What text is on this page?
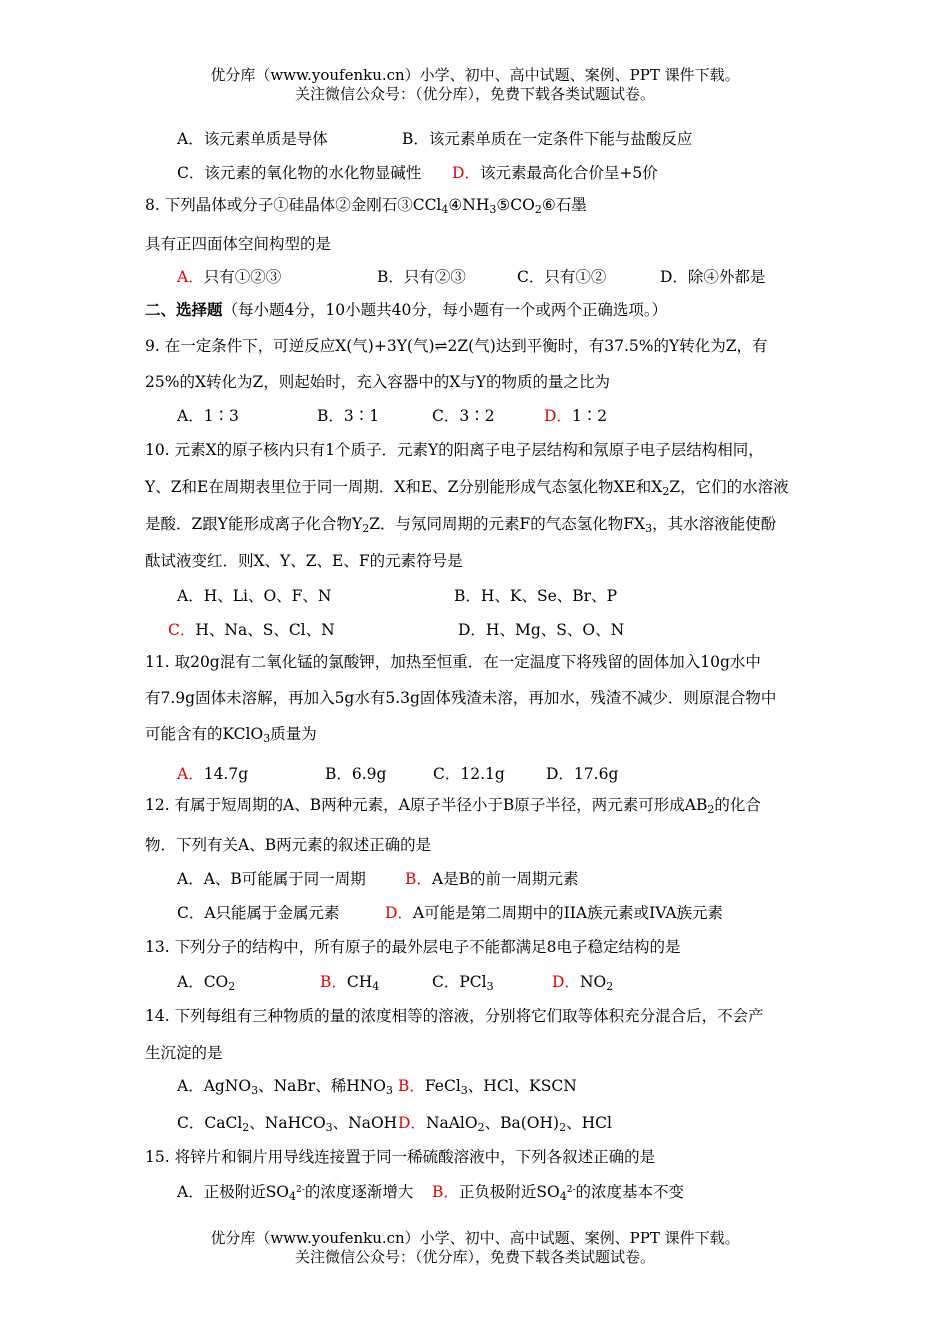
优分库（www.youfenku.cn）小学、初中、高中试题、案例、PPT 课件下载。
关注微信公众号：（优分库），免费下载各类试题试卷。
A．该元素单质是导体	B．该元素单质在一定条件下能与盐酸反应
C．该元素的氧化物的水化物显碱性 D．该元素最高化合价呈+5价
8. 下列晶体或分子①硅晶体②金刚石$③CCl_4④NH_3⑤CO_2⑥$石墨
具有正四面体空间构型的是
A．只有①②③	B．只有②③	C．只有①②	D．除④外都是
二、选择题（每小题4分，10小题共40分，每小题有一个或两个正确选项。）
9. 在一定条件下，可逆反应X(气)+3Y(气)⇌2Z(气)达到平衡时，有37.5%的Y转化为Z，有
25%的X转化为Z，则起始时，充入容器中的X与Y的物质的量之比为
A．1∶3	B．3∶1	C．3∶2	D．1∶2
10. 元素X的原子核内只有1个质子．元素Y的阳离子电子层结构和氖原子电子层结构相同，
Y、Z和E在周期表里位于同一周期．X和E、Z分别能形成气态氢化物XE和$X_2Z$，它们的水溶液
是酸．Z跟Y能形成离子化合物$Y_2Z$．与氖同周期的元素F的气态氢化物$FX_3$，其水溶液能使酚
酞试液变红．则X、Y、Z、E、F的元素符号是
A．H、Li、O、F、N	B．H、K、Se、Br、P
C．H、Na、S、Cl、N	D．H、Mg、S、O、N
11. 取20g混有二氧化锰的氯酸钾，加热至恒重．在一定温度下将残留的固体加入10g水中
有7.9g固体未溶解，再加入5g水有5.3g固体残渣未溶，再加水，残渣不减少．则原混合物中
可能含有的KClO$_3$质量为
A．14.7g	B．6.9g	C．12.1g	D．17.6g
12. 有属于短周期的A、B两种元素，A原子半径小于B原子半径，两元素可形成$AB_2$的化合
物．下列有关A、B两元素的叙述正确的是
A．A、B可能属于同一周期	B．A是B的前一周期元素
C．A只能属于金属元素	D．A可能是第二周期中的IIA族元素或IVA族元素
13. 下列分子的结构中，所有原子的最外层电子不能都满足8电子稳定结构的是
A．$CO_2$	B．$CH_4$	C．PCl$_3$	D．$NO_2$
14. 下列每组有三种物质的量的浓度相等的溶液，分别将它们取等体积充分混合后，不会产
生沉淀的是
A．AgNO$_3$、NaBr、稀$HNO_3$ B．FeCl$_3$、HCl、KSCN
C．CaCl$_2$、NaHCO$_3$、NaOH D．NaAlO$_2$、$Ba(OH)_2$、HCl
15. 将锌片和铜片用导线连接置于同一稀硫酸溶液中，下列各叙述正确的是
A．正极附近$SO_4^{2-}$的浓度逐渐增大 B．正负极附近$SO_4^{2-}$的浓度基本不变
优分库（www.youfenku.cn）小学、初中、高中试题、案例、PPT 课件下载。
关注微信公众号：（优分库），免费下载各类试题试卷。
